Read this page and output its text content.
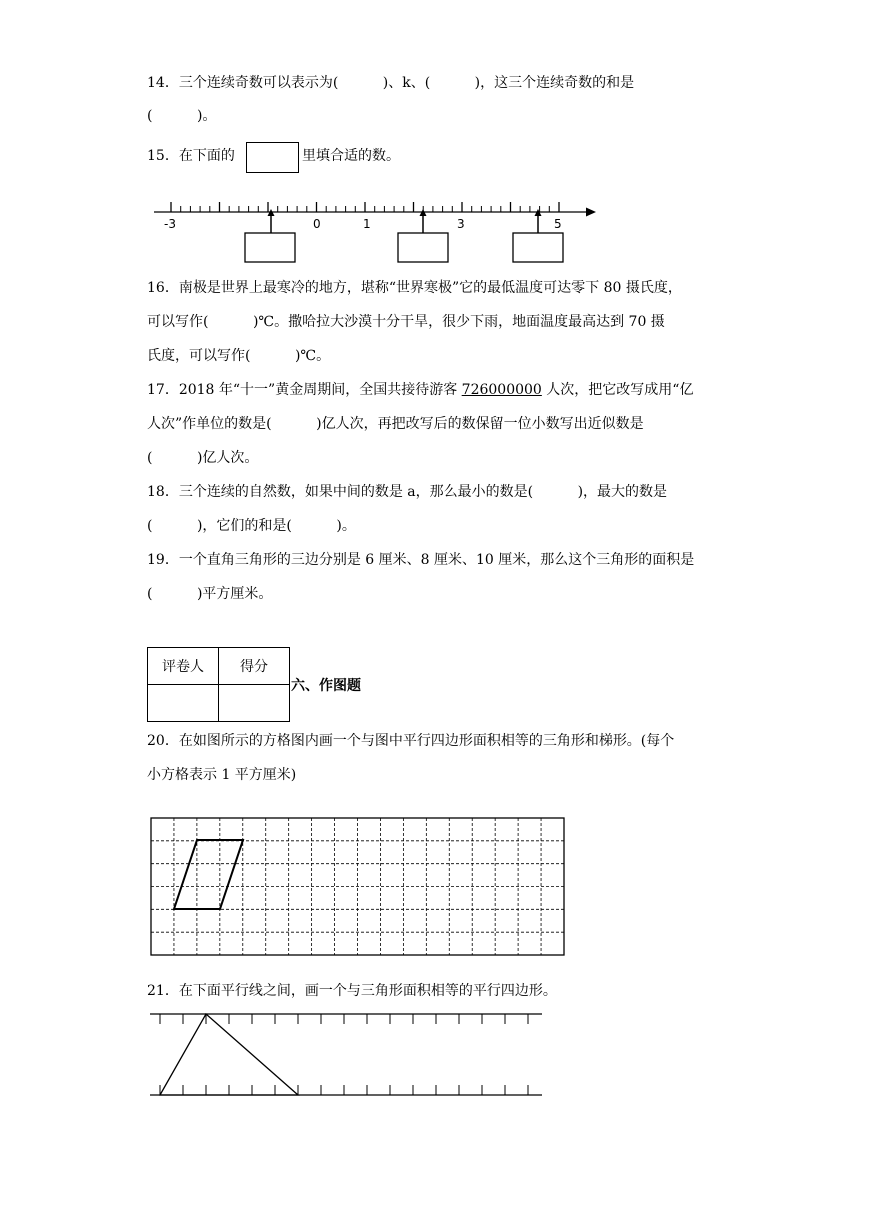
14．三个连续奇数可以表示为(          )、k、(          )，这三个连续奇数的和是
(          )。
15．在下面的	里填合适的数。
-3	0	1	3	5
16．南极是世界上最寒冷的地方，堪称“世界寒极”它的最低温度可达零下 80 摄氏度，
可以写作(          )℃。撒哈拉大沙漠十分干旱，很少下雨，地面温度最高达到 70 摄
氏度，可以写作(          )℃。
17．2018 年“十一”黄金周期间，全国共接待游客 726000000 人次，把它改写成用“亿
人次”作单位的数是(          )亿人次，再把改写后的数保留一位小数写出近似数是
(          )亿人次。
18．三个连续的自然数，如果中间的数是 a，那么最小的数是(          )，最大的数是
(          )，它们的和是(          )。
19．一个直角三角形的三边分别是 6 厘米、8 厘米、10 厘米，那么这个三角形的面积是
(          )平方厘米。
评卷人	得分

六、作图题
20．在如图所示的方格图内画一个与图中平行四边形面积相等的三角形和梯形。(每个
小方格表示 1 平方厘米)
21．在下面平行线之间，画一个与三角形面积相等的平行四边形。
